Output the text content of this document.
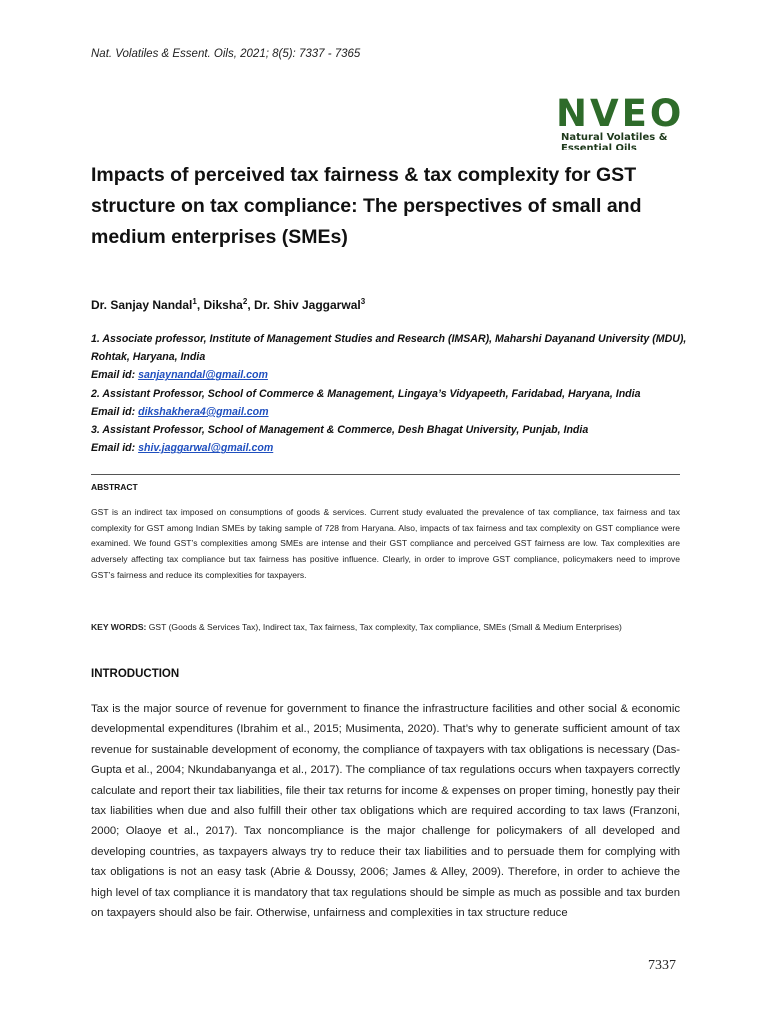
Nat. Volatiles & Essent. Oils, 2021; 8(5): 7337 - 7365
NVEO
Natural Volatiles &
Essential Oils
Impacts of perceived tax fairness & tax complexity for GST structure on tax compliance: The perspectives of small and medium enterprises (SMEs)
Dr. Sanjay Nandal$^1$, Diksha$^2$, Dr. Shiv Jaggarwal$^3$
1. Associate professor, Institute of Management Studies and Research (IMSAR), Maharshi Dayanand University (MDU), Rohtak, Haryana, India
Email id: sanjaynandal@gmail.com
2. Assistant Professor, School of Commerce & Management, Lingaya’s Vidyapeeth, Faridabad, Haryana, India
Email id: dikshakhera4@gmail.com
3. Assistant Professor, School of Management & Commerce, Desh Bhagat University, Punjab, India
Email id: shiv.jaggarwal@gmail.com
ABSTRACT

GST is an indirect tax imposed on consumptions of goods & services. Current study evaluated the prevalence of tax compliance, tax fairness and tax complexity for GST among Indian SMEs by taking sample of 728 from Haryana. Also, impacts of tax fairness and tax complexity on GST compliance were examined. We found GST’s complexities among SMEs are intense and their GST compliance and perceived GST fairness are low. Tax complexities are adversely affecting tax compliance but tax fairness has positive influence. Clearly, in order to improve GST compliance, policymakers need to improve GST’s fairness and reduce its complexities for taxpayers.

KEY WORDS: GST (Goods & Services Tax), Indirect tax, Tax fairness, Tax complexity, Tax compliance, SMEs (Small & Medium Enterprises)

INTRODUCTION

Tax is the major source of revenue for government to finance the infrastructure facilities and other social & economic developmental expenditures (Ibrahim et al., 2015; Musimenta, 2020). That’s why to generate sufficient amount of tax revenue for sustainable development of economy, the compliance of taxpayers with tax obligations is necessary (Das-Gupta et al., 2004; Nkundabanyanga et al., 2017). The compliance of tax regulations occurs when taxpayers correctly calculate and report their tax liabilities, file their tax returns for income & expenses on proper timing, honestly pay their tax liabilities when due and also fulfill their other tax obligations which are required according to tax laws (Franzoni, 2000; Olaoye et al., 2017). Tax noncompliance is the major challenge for policymakers of all developed and developing countries, as taxpayers always try to reduce their tax liabilities and to persuade them for complying with tax obligations is not an easy task (Abrie & Doussy, 2006; James & Alley, 2009). Therefore, in order to achieve the high level of tax compliance it is mandatory that tax regulations should be simple as much as possible and tax burden on taxpayers should also be fair. Otherwise, unfairness and complexities in tax structure reduce

7337
